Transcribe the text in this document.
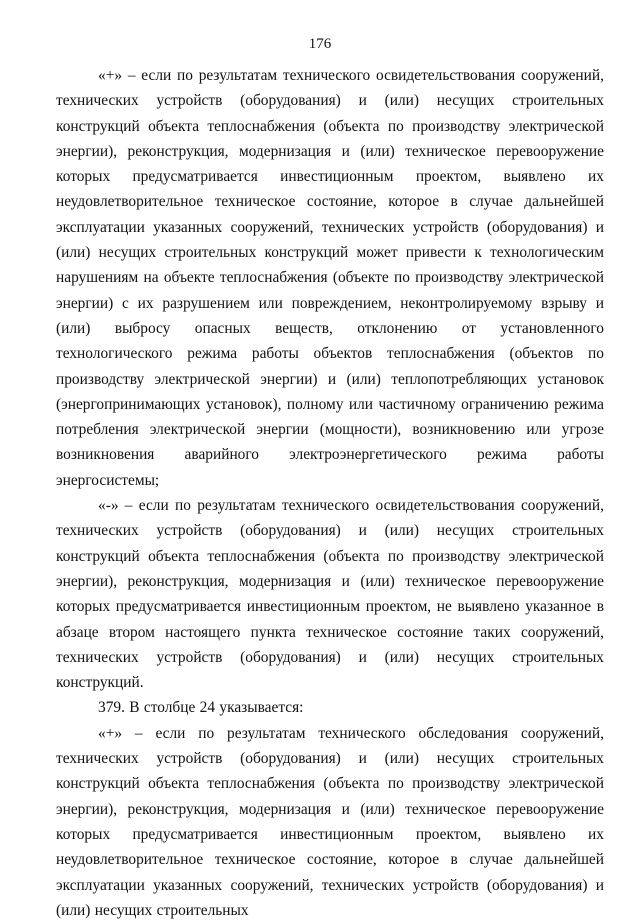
176

«+» – если по результатам технического освидетельствования сооружений, технических устройств (оборудования) и (или) несущих строительных конструкций объекта теплоснабжения (объекта по производству электрической энергии), реконструкция, модернизация и (или) техническое перевооружение которых предусматривается инвестиционным проектом, выявлено их неудовлетворительное техническое состояние, которое в случае дальнейшей эксплуатации указанных сооружений, технических устройств (оборудования) и (или) несущих строительных конструкций может привести к технологическим нарушениям на объекте теплоснабжения (объекте по производству электрической энергии) с их разрушением или повреждением, неконтролируемому взрыву и (или) выбросу опасных веществ, отклонению от установленного технологического режима работы объектов теплоснабжения (объектов по производству электрической энергии) и (или) теплопотребляющих установок (энергопринимающих установок), полному или частичному ограничению режима потребления электрической энергии (мощности), возникновению или угрозе возникновения аварийного электроэнергетического режима работы энергосистемы;

«-» – если по результатам технического освидетельствования сооружений, технических устройств (оборудования) и (или) несущих строительных конструкций объекта теплоснабжения (объекта по производству электрической энергии), реконструкция, модернизация и (или) техническое перевооружение которых предусматривается инвестиционным проектом, не выявлено указанное в абзаце втором настоящего пункта техническое состояние таких сооружений, технических устройств (оборудования) и (или) несущих строительных конструкций.

379. В столбце 24 указывается:

«+» – если по результатам технического обследования сооружений, технических устройств (оборудования) и (или) несущих строительных конструкций объекта теплоснабжения (объекта по производству электрической энергии), реконструкция, модернизация и (или) техническое перевооружение которых предусматривается инвестиционным проектом, выявлено их неудовлетворительное техническое состояние, которое в случае дальнейшей эксплуатации указанных сооружений, технических устройств (оборудования) и (или) несущих строительных
